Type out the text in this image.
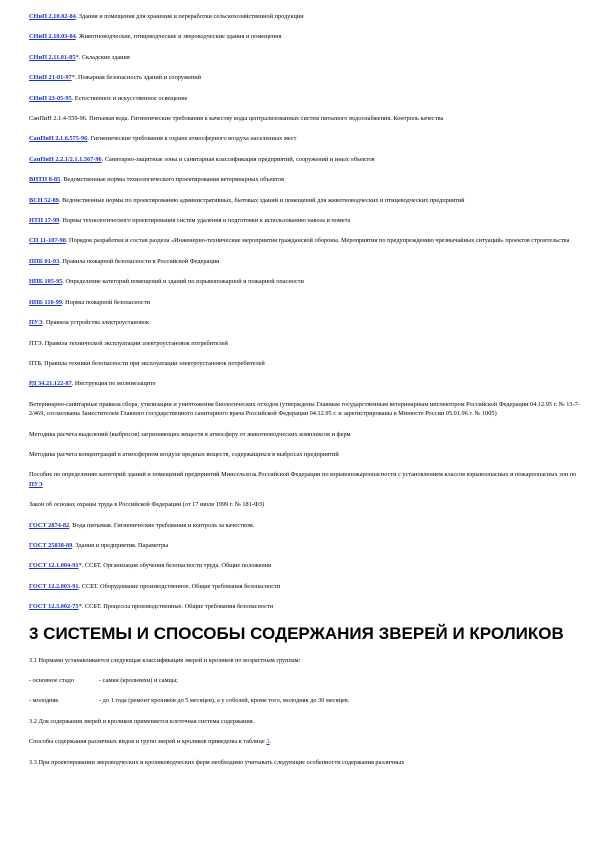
СНиП 2.10.02-84. Здания и помещения для хранения и переработки сельскохозяйственной продукции

СНиП 2.10.03-84. Животноводческие, птицеводческие и звероводческие здания и помещения

СНиП 2.11.01-85*. Складские здания

СНиП 21-01-97*. Пожарная безопасность зданий и сооружений

СНиП 23-05-95. Естественное и искусственное освещение

СанПиН 2.1.4-559-96. Питьевая вода. Гигиенические требования к качеству воды централизованных систем питьевого водоснабжения. Контроль качества

СанПиН 2.1.6.575-96. Гигиенические требования к охране атмосферного воздуха населенных мест

СанПиН 2.2.1/2.1.1.567-96. Санитарно-защитные зоны и санитарная классификация предприятий, сооружений и иных объектов

ВНТП 8-85. Ведомственные нормы технологического проектирования ветеринарных объектов

ВСН 52-89. Ведомственные нормы по проектированию административных, бытовых зданий и помещений для животноводческих и птицеводческих предприятий

НТП 17-99. Нормы технологического проектирования систем удаления и подготовки к использованию навоза и помета

СП 11-107-98. Порядок разработки и состав раздела «Инженерно-технические мероприятия гражданской обороны. Мероприятия по предупреждению чрезвычайных ситуаций» проектов строительства

ППБ 01-93. Правила пожарной безопасности в Российской Федерации

НПБ 105-95. Определение категорий помещений и зданий по взрывопожарной и пожарной опасности

НПБ 110-99. Нормы пожарной безопасности

ПУЭ. Правила устройства электроустановок

ПТЭ. Правила технической эксплуатации электроустановок потребителей

ПТБ. Правила техники безопасности при эксплуатации электроустановок потребителей

РД 34.21.122-87. Инструкция по молниезащите

Ветеринарно-санитарные правила сбора, утилизации и уничтожения биологических отходов (утверждены Главным государственным ветеринарным инспектором Российской Федерации 04.12.95 г. № 13-7-2/469, согласованы Заместителем Главного государственного санитарного врача Российской Федерации 04.12.95 г. и зарегистрированы в Минюсте России 05.01.96 г. № 1005)

Методика расчета выделений (выбросов) загрязняющих веществ в атмосферу от животноводческих комплексов и ферм

Методика расчета концентраций в атмосферном воздухе вредных веществ, содержащихся в выбросах предприятий

Пособие по определению категорий зданий и помещений предприятий Минсельхоза Российской Федерации по взрывопожароопасности с установлением классов взрывоопасных и пожароопасных зон по ПУЭ

Закон об основах охраны труда в Российской Федерации (от 17 июля 1999 г. № 181-ФЗ)

ГОСТ 2874-82. Вода питьевая. Гигиенические требования и контроль за качеством.

ГОСТ 25838-89. Здания и предприятия. Параметры

ГОСТ 12.1.004-91*. ССБТ. Организация обучения безопасности труда. Общие положения

ГОСТ 12.2.003-91. ССБТ. Оборудование производственное. Общие требования безопасности

ГОСТ 12.3.002-75*. ССБТ. Процессы производственные. Общие требования безопасности

3 СИСТЕМЫ И СПОСОБЫ СОДЕРЖАНИЯ ЗВЕРЕЙ И КРОЛИКОВ

3.1 Нормами устанавливается следующая классификация зверей и кроликов по возрастным группам:

- основное стадо	- самки (крольчихи) и самцы;
- молодняк	- до 1 года (ремонт кроликов до 5 месяцев), а у соболей, кроме того, молодняк до 30 месяцев.

3.2 Для содержания зверей и кроликов применяется клеточная система содержания.

Способы содержания различных видов и групп зверей и кроликов приведены в таблице 3.

3.3 При проектировании звероводческих и кролиководческих ферм необходимо учитывать следующие особенности содержания различных
